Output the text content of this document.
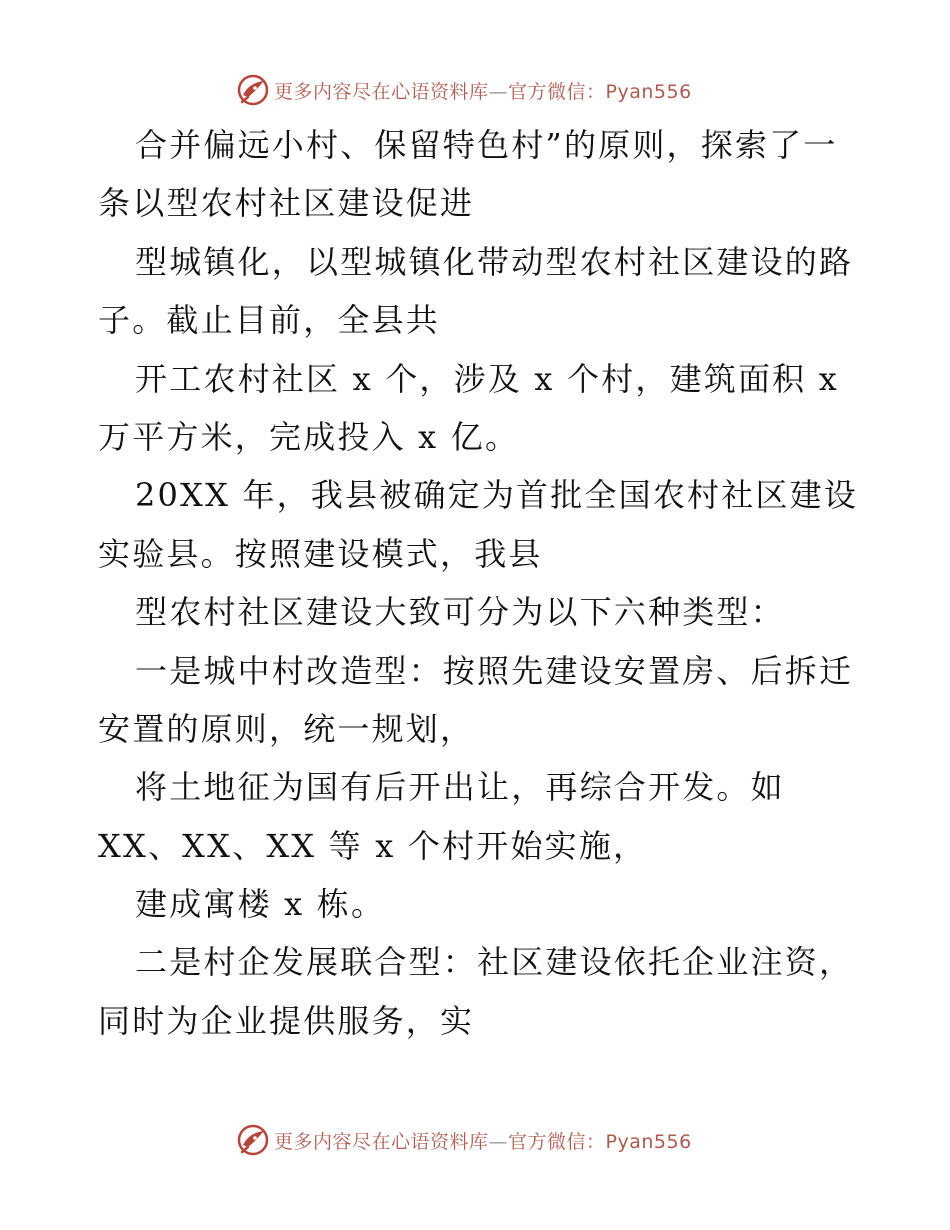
更多内容尽在心语资料库—官方微信：Pyan556
合并偏远小村、保留特色村”的原则，探索了一
条以型农村社区建设促进
型城镇化，以型城镇化带动型农村社区建设的路
子。截止目前，全县共
开工农村社区 x 个，涉及 x 个村，建筑面积 x
万平方米，完成投入 x 亿。
20XX 年，我县被确定为首批全国农村社区建设
实验县。按照建设模式，我县
型农村社区建设大致可分为以下六种类型：
一是城中村改造型：按照先建设安置房、后拆迁
安置的原则，统一规划，
将土地征为国有后开出让，再综合开发。如
XX、XX、XX 等 x 个村开始实施，
建成寓楼 x 栋。
二是村企发展联合型：社区建设依托企业注资，
同时为企业提供服务，实
更多内容尽在心语资料库—官方微信：Pyan556
